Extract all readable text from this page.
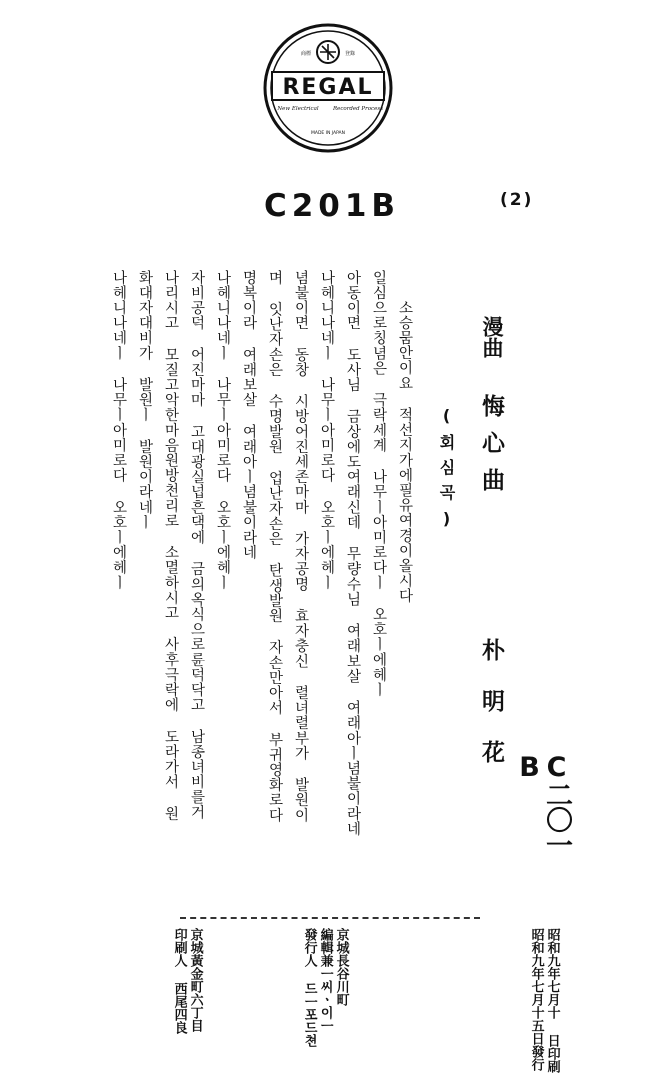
商標	登錄
REGAL
New Electrical	Recorded Process
MADE IN JAPAN
C201B	(2)
漫曲
悔心曲
(회심곡)
朴明花
C二〇一B
소승뭄안이요 적선지가에필유여경이올시다
일심으로칭념은 극락세계 나무ㅣ아미로다ㅣ 오호ㅣ에헤ㅣ
아동이면 도사님 금상에도여래신데 무량수님 여래보살 여래아ㅣ념불이라네
나헤니나네ㅣ 나무ㅣ아미로다 오호ㅣ에헤ㅣ
념불이면 동창 시방어진세존마마 가자공명 효자충신 렬녀렬부가 발원이
며 잇난자손은 수명발원 업난자손은 탄생발원 자손만아서 부귀영화로다
명복이라 여래보살 여래아ㅣ념불이라네
나헤니나네ㅣ 나무ㅣ아미로다 오호ㅣ에헤ㅣ
자비공덕 어진마마 고대광실넙흔댁에 금의옥식으로륜덕닥고 남종녀비를거
나리시고 모질고악한마음원방천리로 소멸하시고 사후극락에 도라가서 원
화대자대비가 발원ㅣ 발원이라네ㅣ
나헤니나네ㅣ 나무ㅣ아미로다 오호ㅣ에헤ㅣ
昭和九年七月十 日印刷
昭和九年七月十五日發行
京城長谷川町
編輯兼ㅡ씨ㆍ이ㅡ
發行人 드ㅡ포드쳔
京城黃金町六丁目
印刷人 西尾四良
